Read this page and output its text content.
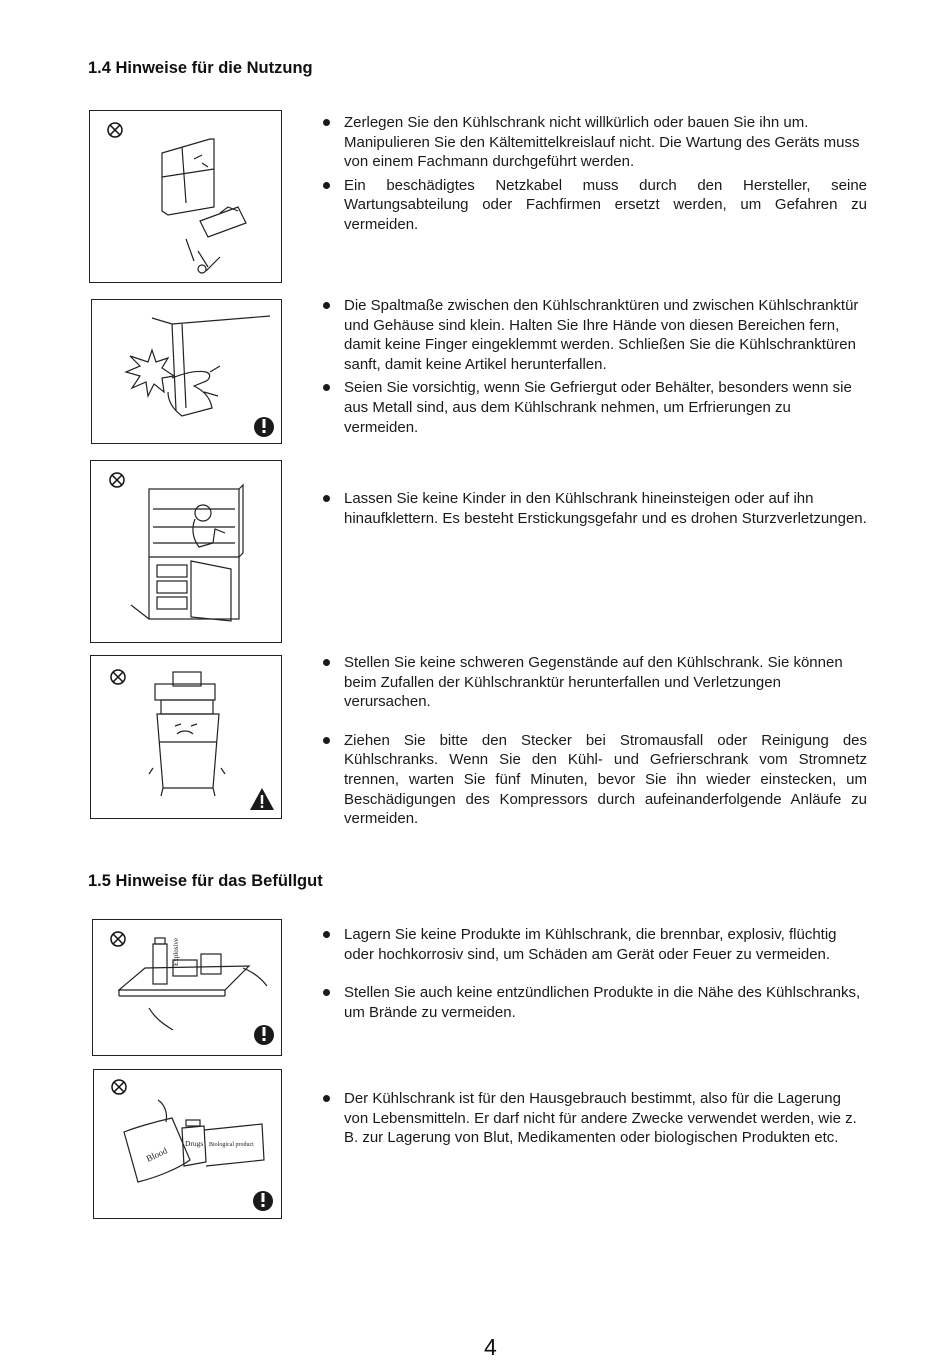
1.4 Hinweise für die Nutzung
Zerlegen Sie den Kühlschrank nicht willkürlich oder bauen Sie ihn um. Manipulieren Sie den Kältemittelkreislauf nicht. Die Wartung des Geräts muss von einem Fachmann durchgeführt werden.
Ein beschädigtes Netzkabel muss durch den Hersteller, seine Wartungsabteilung oder Fachfirmen ersetzt werden, um Gefahren zu vermeiden.
Die Spaltmaße zwischen den Kühlschranktüren und zwischen Kühlschranktür und Gehäuse sind klein. Halten Sie Ihre Hände von diesen Bereichen fern, damit keine Finger eingeklemmt werden. Schließen Sie die Kühlschranktüren sanft, damit keine Artikel herunterfallen.
Seien Sie vorsichtig, wenn Sie Gefriergut oder Behälter, besonders wenn sie aus Metall sind, aus dem Kühlschrank nehmen, um Erfrierungen zu vermeiden.
Lassen Sie keine Kinder in den Kühlschrank hineinsteigen oder auf ihn hinaufklettern. Es besteht Erstickungsgefahr und es drohen Sturzverletzungen.
Stellen Sie keine schweren Gegenstände auf den Kühlschrank. Sie können beim Zufallen der Kühlschranktür herunterfallen und Verletzungen verursachen.
Ziehen Sie bitte den Stecker bei Stromausfall oder Reinigung des Kühlschranks. Wenn Sie den Kühl- und Gefrierschrank vom Stromnetz trennen, warten Sie fünf Minuten, bevor Sie ihn wieder einstecken, um Beschädigungen des Kompressors durch aufeinanderfolgende Anläufe zu vermeiden.
1.5 Hinweise für das Befüllgut
Explosive
Lagern Sie keine Produkte im Kühlschrank, die brennbar, explosiv, flüchtig oder hochkorrosiv sind, um Schäden am Gerät oder Feuer zu vermeiden.
Stellen Sie auch keine entzündlichen Produkte in die Nähe des Kühlschranks, um Brände zu vermeiden.
Blood
Drugs Biological product
Der Kühlschrank ist für den Hausgebrauch bestimmt, also für die Lagerung von Lebensmitteln. Er darf nicht für andere Zwecke verwendet werden, wie z. B. zur Lagerung von Blut, Medikamenten oder biologischen Produkten etc.
4
